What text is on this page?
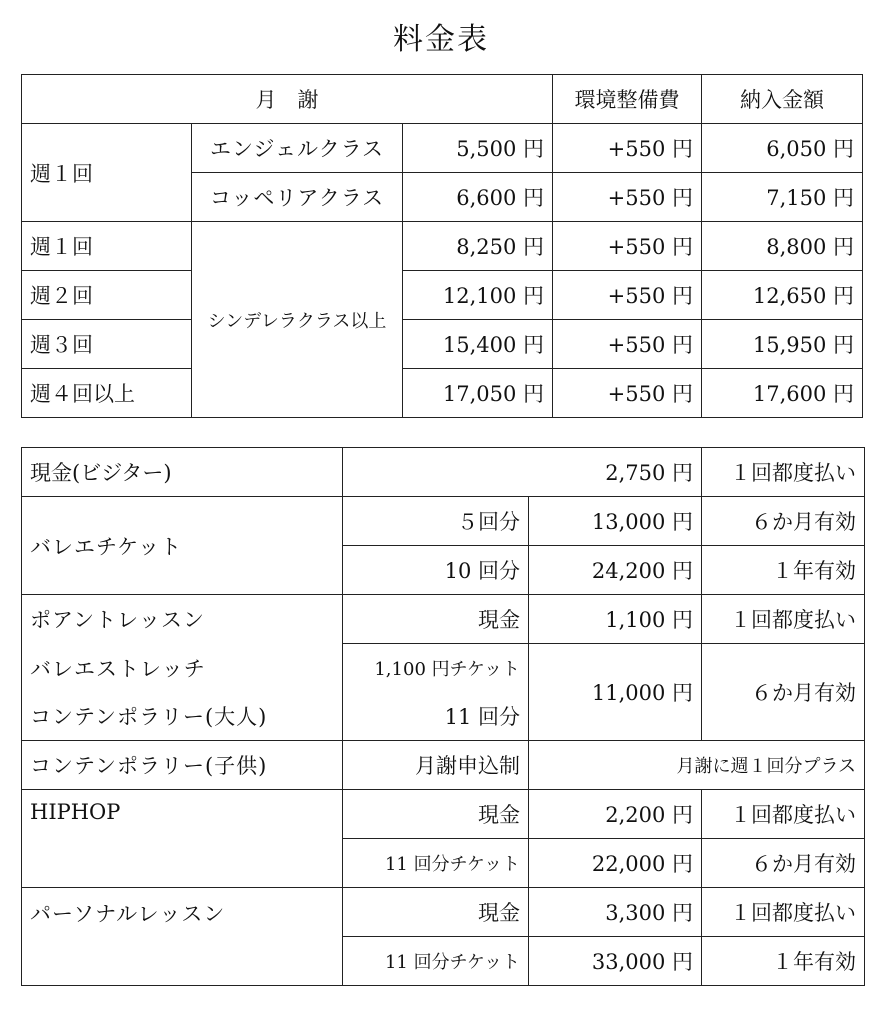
料金表
月　謝			環境整備費	納入金額
週１回	エンジェルクラス	5,500 円	+550 円	6,050 円
	コッペリアクラス	6,600 円	+550 円	7,150 円
週１回	シンデレラクラス以上	8,250 円	+550 円	8,800 円
週２回		12,100 円	+550 円	12,650 円
週３回		15,400 円	+550 円	15,950 円
週４回以上		17,050 円	+550 円	17,600 円
現金(ビジター)	2,750 円		１回都度払い
バレエチケット	５回分	13,000 円	６か月有効
	10 回分	24,200 円	１年有効
ポアントレッスン	現金	1,100 円	１回都度払い
バレエストレッチ	1,100 円チケット	11,000 円	６か月有効
コンテンポラリー(大人)	11 回分		
コンテンポラリー(子供)	月謝申込制	月謝に週１回分プラス	
HIPHOP	現金	2,200 円	１回都度払い
	11 回分チケット	22,000 円	６か月有効
パーソナルレッスン	現金	3,300 円	１回都度払い
	11 回分チケット	33,000 円	１年有効
